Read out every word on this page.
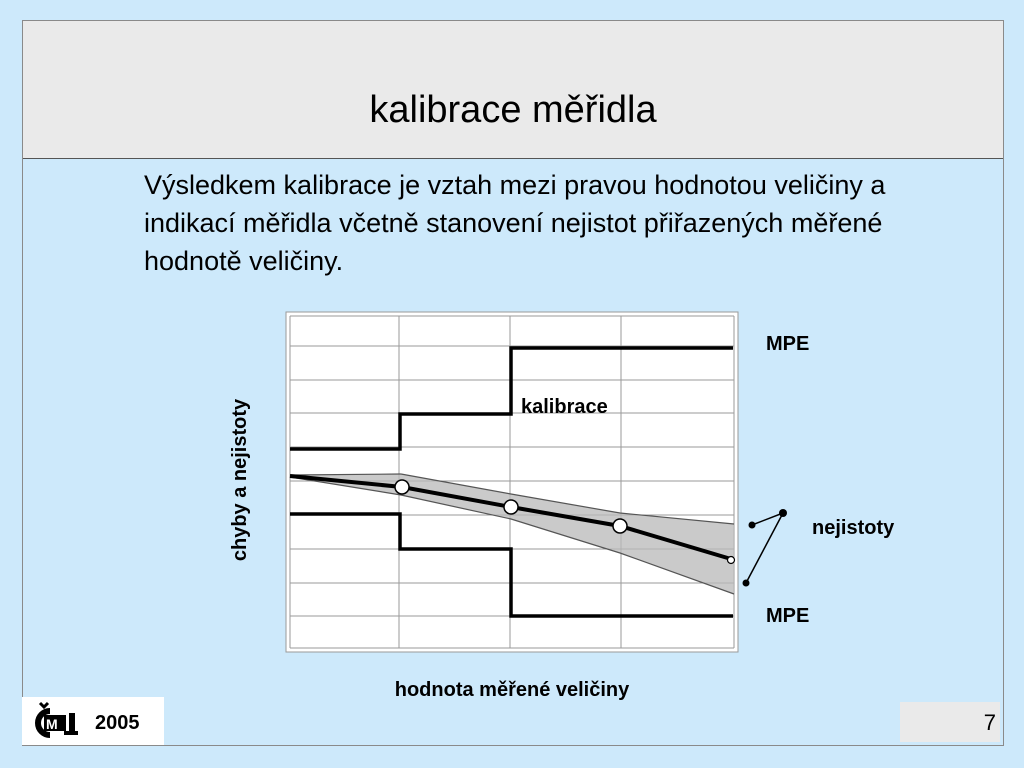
kalibrace měřidla
Výsledkem kalibrace je vztah mezi pravou hodnotou veličiny a indikací měřidla včetně stanovení nejistot přiřazených měřené hodnotě veličiny.
MPE
MPE
kalibrace
nejistoty
hodnota měřené veličiny
chyby a nejistoty
M 2005	7
